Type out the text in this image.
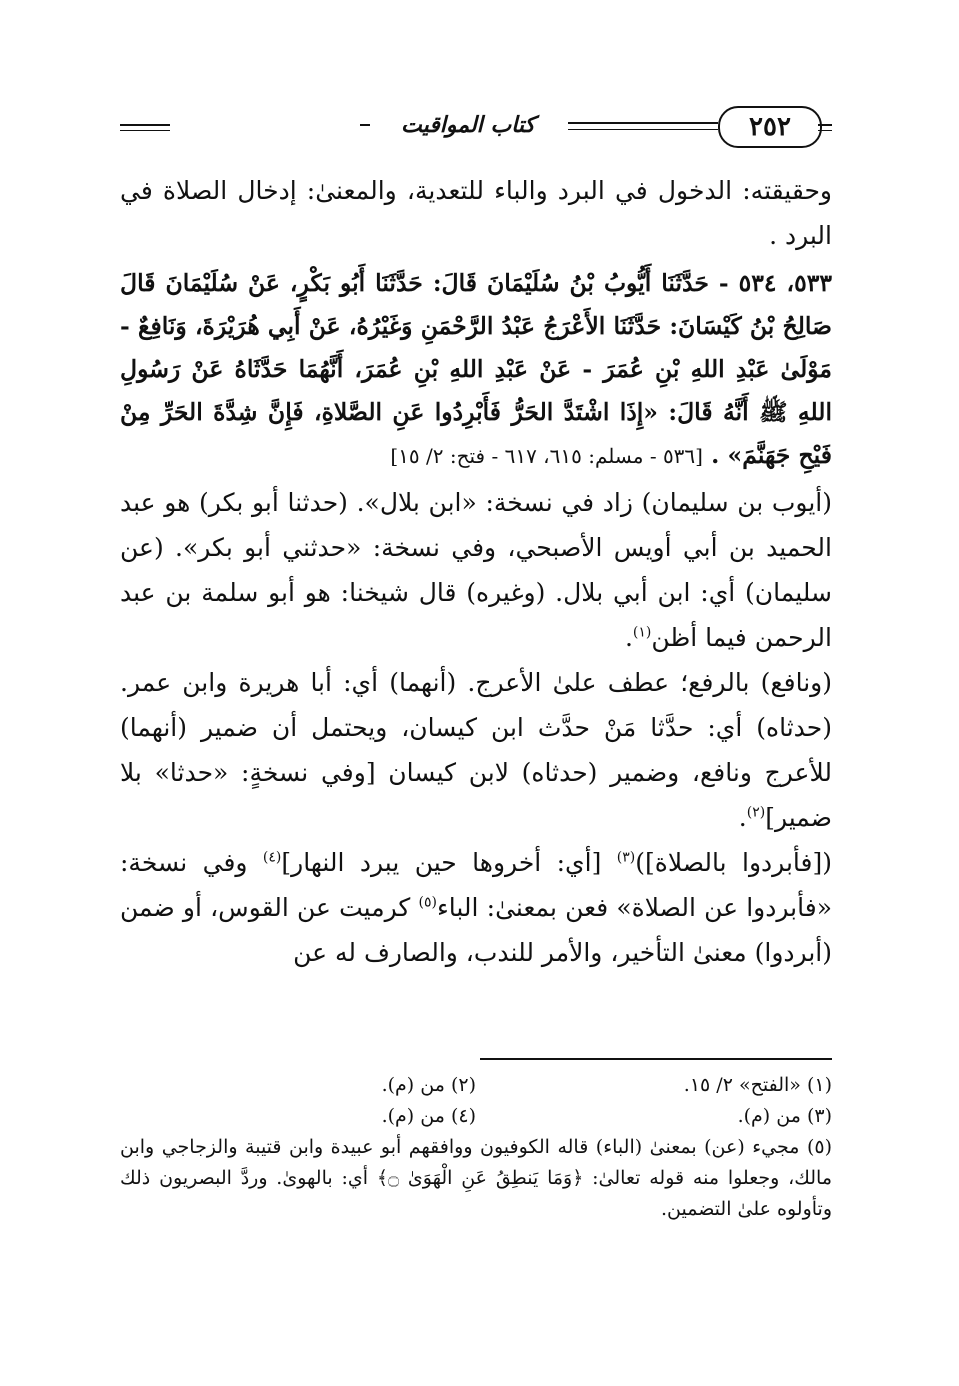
كتاب المواقيت	٢٥٢

وحقيقته: الدخول في البرد والباء للتعدية، والمعنىٰ: إدخال الصلاة في البرد .

٥٣٣، ٥٣٤ - حَدَّثَنَا أَيُّوبُ بْنُ سُلَيْمَانَ قَالَ: حَدَّثَنَا أَبُو بَكْرٍ، عَنْ سُلَيْمَانَ قَالَ صَالِحُ بْنُ كَيْسَانَ: حَدَّثَنَا الأَعْرَجُ عَبْدُ الرَّحْمَنِ وَغَيْرُهُ، عَنْ أَبِي هُرَيْرَةَ، وَنَافِعٌ - مَوْلَىٰ عَبْدِ اللهِ بْنِ عُمَرَ - عَنْ عَبْدِ اللهِ بْنِ عُمَرَ، أَنَّهُمَا حَدَّثَاهُ عَنْ رَسُولِ اللهِ ﷺ أَنَّهُ قَالَ: «إِذَا اشْتَدَّ الحَرُّ فَأَبْرِدُوا عَنِ الصَّلاةِ، فَإِنَّ شِدَّةَ الحَرِّ مِنْ فَيْحِ جَهَنَّمَ» . [٥٣٦ - مسلم: ٦١٥، ٦١٧ - فتح: ٢/ ١٥]

(أيوب بن سليمان) زاد في نسخة: «ابن بلال». (حدثنا أبو بكر) هو عبد الحميد بن أبي أويس الأصبحي، وفي نسخة: «حدثني أبو بكر». (عن سليمان) أي: ابن أبي بلال. (وغيره) قال شيخنا: هو أبو سلمة بن عبد الرحمن فيما أظن$^{(١)}$.

(ونافع) بالرفع؛ عطف علىٰ الأعرج. (أنهما) أي: أبا هريرة وابن عمر. (حدثاه) أي: حدَّثا مَنْ حدَّث ابن كيسان، ويحتمل أن ضمير (أنهما) للأعرج ونافع، وضمير (حدثاه) لابن كيسان [وفي نسخةٍ: «حدثا» بلا ضمير]$^{(٢)}$.

([فأبردوا بالصلاة])$^{(٣)}$ [أي: أخروها حين يبرد النهار]$^{(٤)}$ وفي نسخة: «فأبردوا عن الصلاة» فعن بمعنىٰ: الباء$^{(٥)}$ كرميت عن القوس، أو ضمن (أبردوا) معنىٰ التأخير، والأمر للندب، والصارف له عن

(١) «الفتح» ٢/ ١٥.
(٢) من (م).
(٣) من (م).
(٤) من (م).
(٥) مجيء (عن) بمعنىٰ (الباء) قاله الكوفيون ووافقهم أبو عبيدة وابن قتيبة والزجاجي وابن مالك، وجعلوا منه قوله تعالىٰ: ﴿وَمَا يَنطِقُ عَنِ الْهَوَىٰ ۝﴾ أي: بالهوىٰ. وردَّ البصريون ذلك وتأولوه علىٰ التضمين.
